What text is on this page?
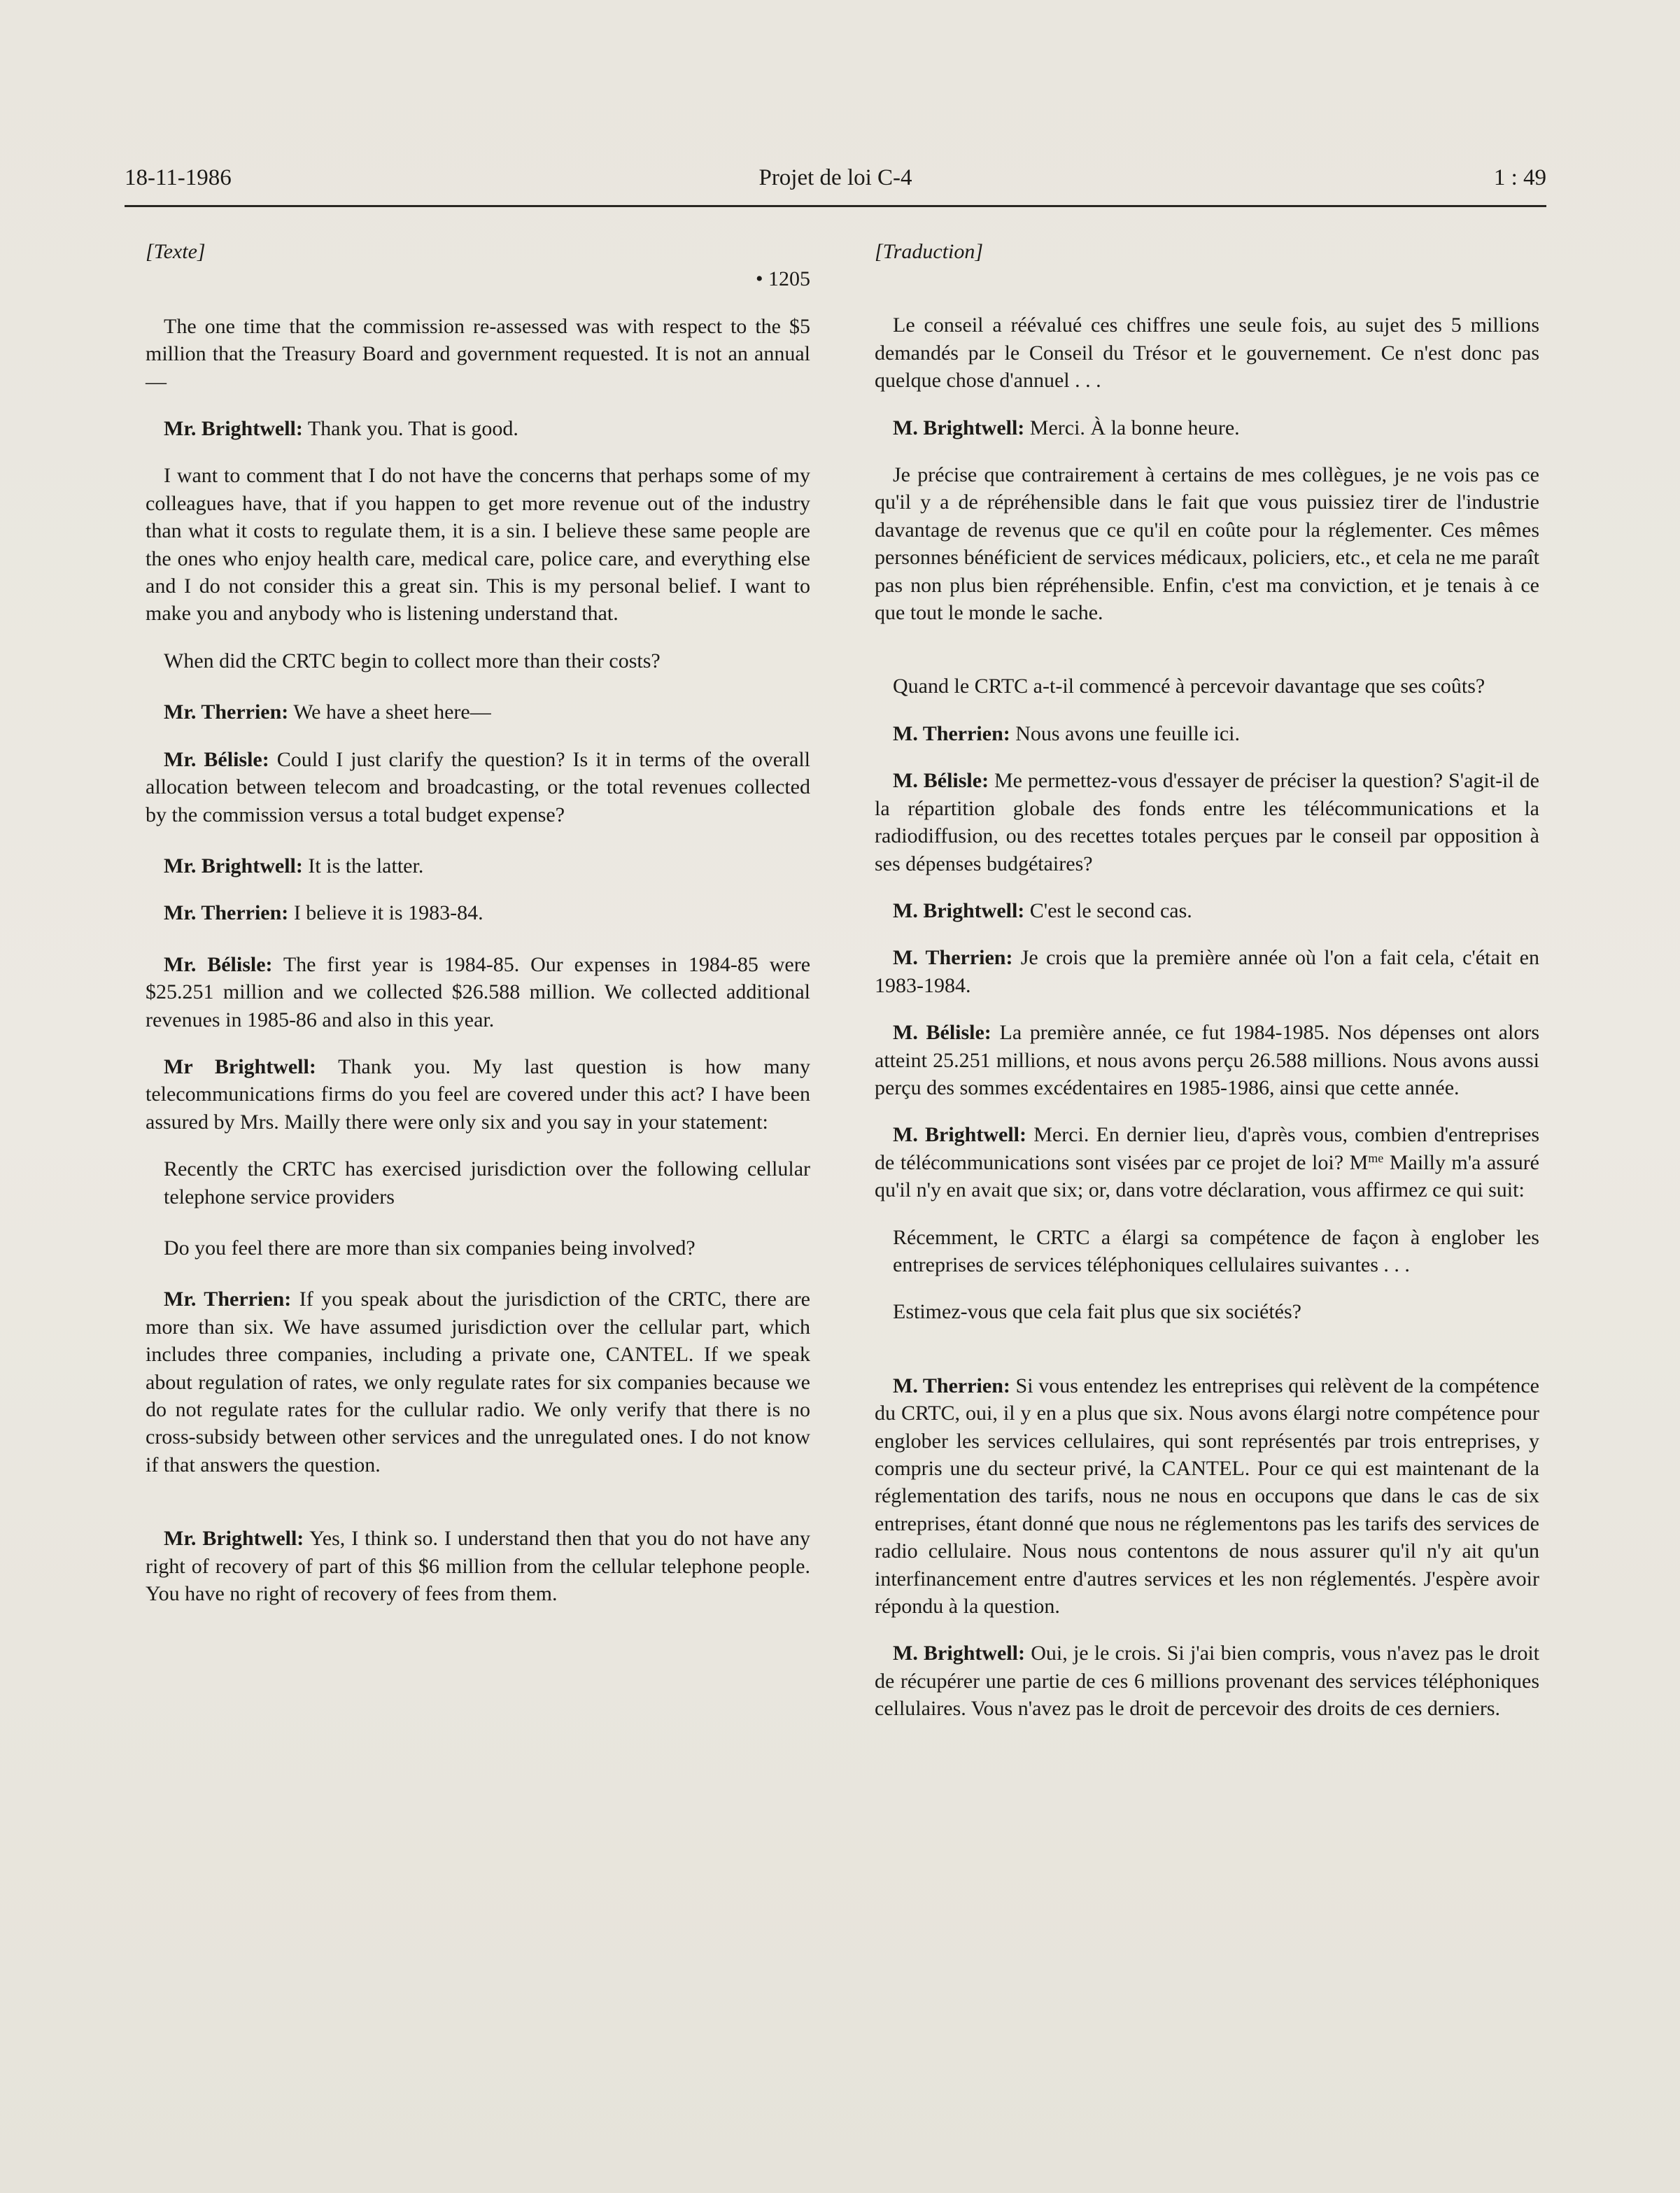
18-11-1986	Projet de loi C-4	1 : 49

[Texte]

• 1205

The one time that the commission re-assessed was with respect to the $5 million that the Treasury Board and government requested. It is not an annual—

Mr. Brightwell: Thank you. That is good.

I want to comment that I do not have the concerns that perhaps some of my colleagues have, that if you happen to get more revenue out of the industry than what it costs to regulate them, it is a sin. I believe these same people are the ones who enjoy health care, medical care, police care, and everything else and I do not consider this a great sin. This is my personal belief. I want to make you and anybody who is listening understand that.

When did the CRTC begin to collect more than their costs?

Mr. Therrien: We have a sheet here—

Mr. Bélisle: Could I just clarify the question? Is it in terms of the overall allocation between telecom and broadcasting, or the total revenues collected by the commission versus a total budget expense?

Mr. Brightwell: It is the latter.

Mr. Therrien: I believe it is 1983-84.

Mr. Bélisle: The first year is 1984-85. Our expenses in 1984-85 were $25.251 million and we collected $26.588 million. We collected additional revenues in 1985-86 and also in this year.

Mr Brightwell: Thank you. My last question is how many telecommunications firms do you feel are covered under this act? I have been assured by Mrs. Mailly there were only six and you say in your statement:

Recently the CRTC has exercised jurisdiction over the following cellular telephone service providers

Do you feel there are more than six companies being involved?

Mr. Therrien: If you speak about the jurisdiction of the CRTC, there are more than six. We have assumed jurisdiction over the cellular part, which includes three companies, including a private one, CANTEL. If we speak about regulation of rates, we only regulate rates for six companies because we do not regulate rates for the cullular radio. We only verify that there is no cross-subsidy between other services and the unregulated ones. I do not know if that answers the question.

Mr. Brightwell: Yes, I think so. I understand then that you do not have any right of recovery of part of this $6 million from the cellular telephone people. You have no right of recovery of fees from them.

[Traduction]

Le conseil a réévalué ces chiffres une seule fois, au sujet des 5 millions demandés par le Conseil du Trésor et le gouvernement. Ce n'est donc pas quelque chose d'annuel . . .

M. Brightwell: Merci. À la bonne heure.

Je précise que contrairement à certains de mes collègues, je ne vois pas ce qu'il y a de répréhensible dans le fait que vous puissiez tirer de l'industrie davantage de revenus que ce qu'il en coûte pour la réglementer. Ces mêmes personnes bénéficient de services médicaux, policiers, etc., et cela ne me paraît pas non plus bien répréhensible. Enfin, c'est ma conviction, et je tenais à ce que tout le monde le sache.

Quand le CRTC a-t-il commencé à percevoir davantage que ses coûts?

M. Therrien: Nous avons une feuille ici.

M. Bélisle: Me permettez-vous d'essayer de préciser la question? S'agit-il de la répartition globale des fonds entre les télécommunications et la radiodiffusion, ou des recettes totales perçues par le conseil par opposition à ses dépenses budgétaires?

M. Brightwell: C'est le second cas.

M. Therrien: Je crois que la première année où l'on a fait cela, c'était en 1983-1984.

M. Bélisle: La première année, ce fut 1984-1985. Nos dépenses ont alors atteint 25.251 millions, et nous avons perçu 26.588 millions. Nous avons aussi perçu des sommes excédentaires en 1985-1986, ainsi que cette année.

M. Brightwell: Merci. En dernier lieu, d'après vous, combien d'entreprises de télécommunications sont visées par ce projet de loi? $M^{me}$ Mailly m'a assuré qu'il n'y en avait que six; or, dans votre déclaration, vous affirmez ce qui suit:

Récemment, le CRTC a élargi sa compétence de façon à englober les entreprises de services téléphoniques cellulaires suivantes . . .

Estimez-vous que cela fait plus que six sociétés?

M. Therrien: Si vous entendez les entreprises qui relèvent de la compétence du CRTC, oui, il y en a plus que six. Nous avons élargi notre compétence pour englober les services cellulaires, qui sont représentés par trois entreprises, y compris une du secteur privé, la CANTEL. Pour ce qui est maintenant de la réglementation des tarifs, nous ne nous en occupons que dans le cas de six entreprises, étant donné que nous ne réglementons pas les tarifs des services de radio cellulaire. Nous nous contentons de nous assurer qu'il n'y ait qu'un interfinancement entre d'autres services et les non réglementés. J'espère avoir répondu à la question.

M. Brightwell: Oui, je le crois. Si j'ai bien compris, vous n'avez pas le droit de récupérer une partie de ces 6 millions provenant des services téléphoniques cellulaires. Vous n'avez pas le droit de percevoir des droits de ces derniers.
